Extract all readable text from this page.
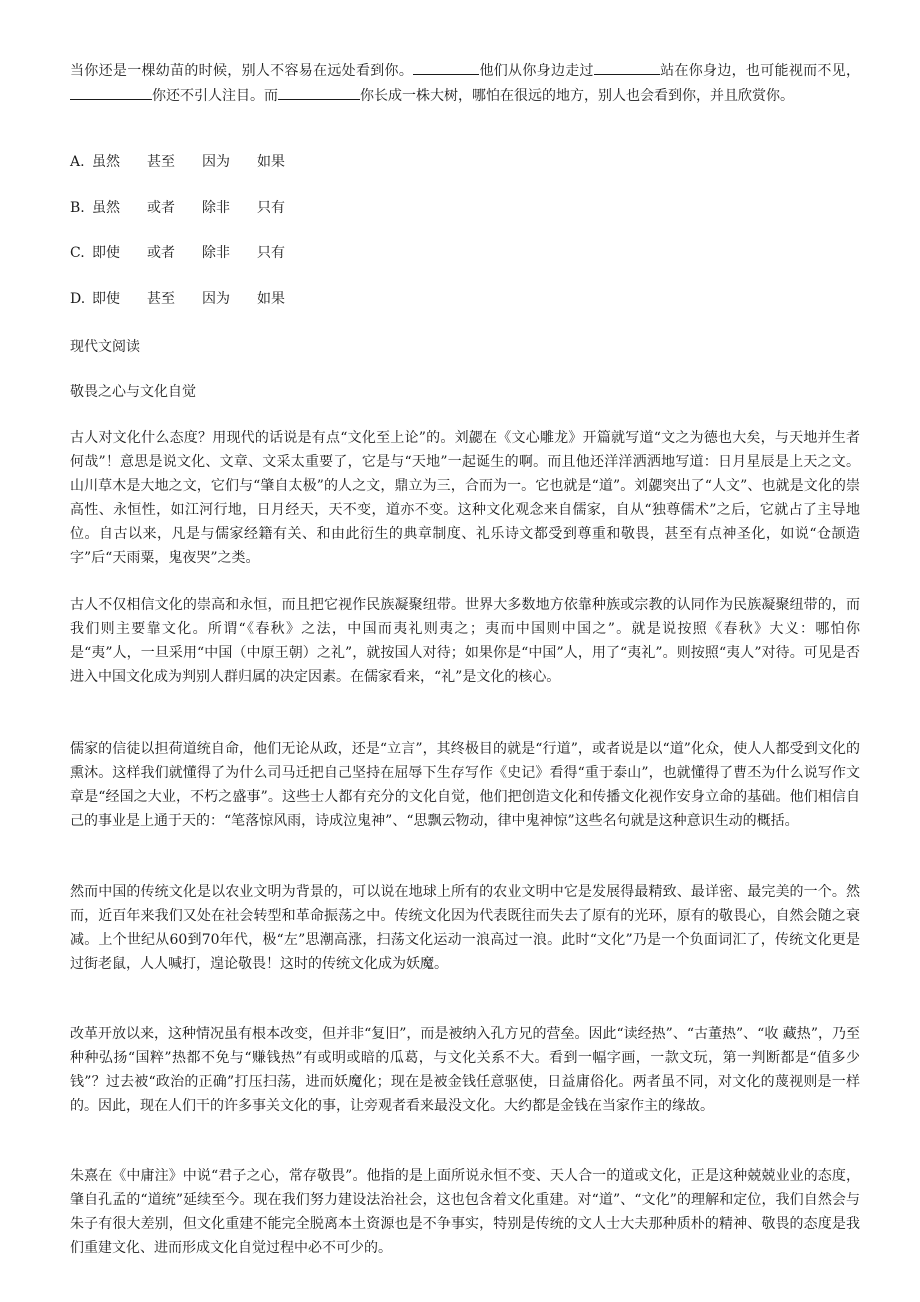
当你还是一棵幼苗的时候，别人不容易在远处看到你。	他们从你身边走过	站在你身边，也可能视而不见，你还不引人注目。而	你长成一株大树，哪怕在很远的地方，别人也会看到你，并且欣赏你。

A. 虽然 甚至 因为 如果
B. 虽然 或者 除非 只有
C. 即使 或者 除非 只有
D. 即使 甚至 因为 如果
现代文阅读
敬畏之心与文化自觉

古人对文化什么态度？用现代的话说是有点“文化至上论”的。刘勰在《文心雕龙》开篇就写道“文之为德也大矣，与天地并生者何哉”！意思是说文化、文章、文采太重要了，它是与“天地”一起诞生的啊。而且他还洋洋洒洒地写道：日月星辰是上天之文。山川草木是大地之文，它们与“肇自太极”的人之文，鼎立为三，合而为一。它也就是“道”。刘勰突出了“人文”、也就是文化的崇高性、永恒性，如江河行地，日月经天，天不变，道亦不变。这种文化观念来自儒家，自从“独尊儒术”之后，它就占了主导地位。自古以来，凡是与儒家经籍有关、和由此衍生的典章制度、礼乐诗文都受到尊重和敬畏，甚至有点神圣化，如说“仓颉造字”后“天雨粟，鬼夜哭”之类。

古人不仅相信文化的崇高和永恒，而且把它视作民族凝聚纽带。世界大多数地方依靠种族或宗教的认同作为民族凝聚纽带的，而我们则主要靠文化。所谓“《春秋》之法，中国而夷礼则夷之；夷而中国则中国之”。就是说按照《春秋》大义：哪怕你是“夷”人，一旦采用“中国（中原王朝）之礼”，就按国人对待；如果你是“中国”人，用了“夷礼”。则按照“夷人”对待。可见是否进入中国文化成为判别人群归属的决定因素。在儒家看来，“礼”是文化的核心。

儒家的信徒以担荷道统自命，他们无论从政，还是“立言”，其终极目的就是“行道”，或者说是以“道”化众，使人人都受到文化的熏沐。这样我们就懂得了为什么司马迁把自己坚持在屈辱下生存写作《史记》看得“重于泰山”，也就懂得了曹丕为什么说写作文章是“经国之大业，不朽之盛事”。这些士人都有充分的文化自觉，他们把创造文化和传播文化视作安身立命的基础。他们相信自己的事业是上通于天的：“笔落惊风雨，诗成泣鬼神”、“思飘云物动，律中鬼神惊”这些名句就是这种意识生动的概括。

然而中国的传统文化是以农业文明为背景的，可以说在地球上所有的农业文明中它是发展得最精致、最详密、最完美的一个。然而，近百年来我们又处在社会转型和革命振荡之中。传统文化因为代表既往而失去了原有的光环，原有的敬畏心，自然会随之衰减。上个世纪从60到70年代，极“左”思潮高涨，扫荡文化运动一浪高过一浪。此时“文化”乃是一个负面词汇了，传统文化更是过街老鼠，人人喊打，遑论敬畏！这时的传统文化成为妖魔。

改革开放以来，这种情况虽有根本改变，但并非“复旧”，而是被纳入孔方兄的营垒。因此“读经热”、“古董热”、“收 藏热”，乃至种种弘扬“国粹”热都不免与“赚钱热”有或明或暗的瓜葛，与文化关系不大。看到一幅字画，一款文玩，第一判断都是“值多少钱”？过去被“政治的正确”打压扫荡，进而妖魔化；现在是被金钱任意驱使，日益庸俗化。两者虽不同，对文化的蔑视则是一样的。因此，现在人们干的许多事关文化的事，让旁观者看来最没文化。大约都是金钱在当家作主的缘故。

朱熹在《中庸注》中说“君子之心，常存敬畏”。他指的是上面所说永恒不变、天人合一的道或文化，正是这种兢兢业业的态度，肇自孔孟的“道统”延续至今。现在我们努力建设法治社会，这也包含着文化重建。对“道”、“文化”的理解和定位，我们自然会与朱子有很大差别，但文化重建不能完全脱离本土资源也是不争事实，特别是传统的文人士大夫那种质朴的精神、敬畏的态度是我们重建文化、进而形成文化自觉过程中必不可少的。
